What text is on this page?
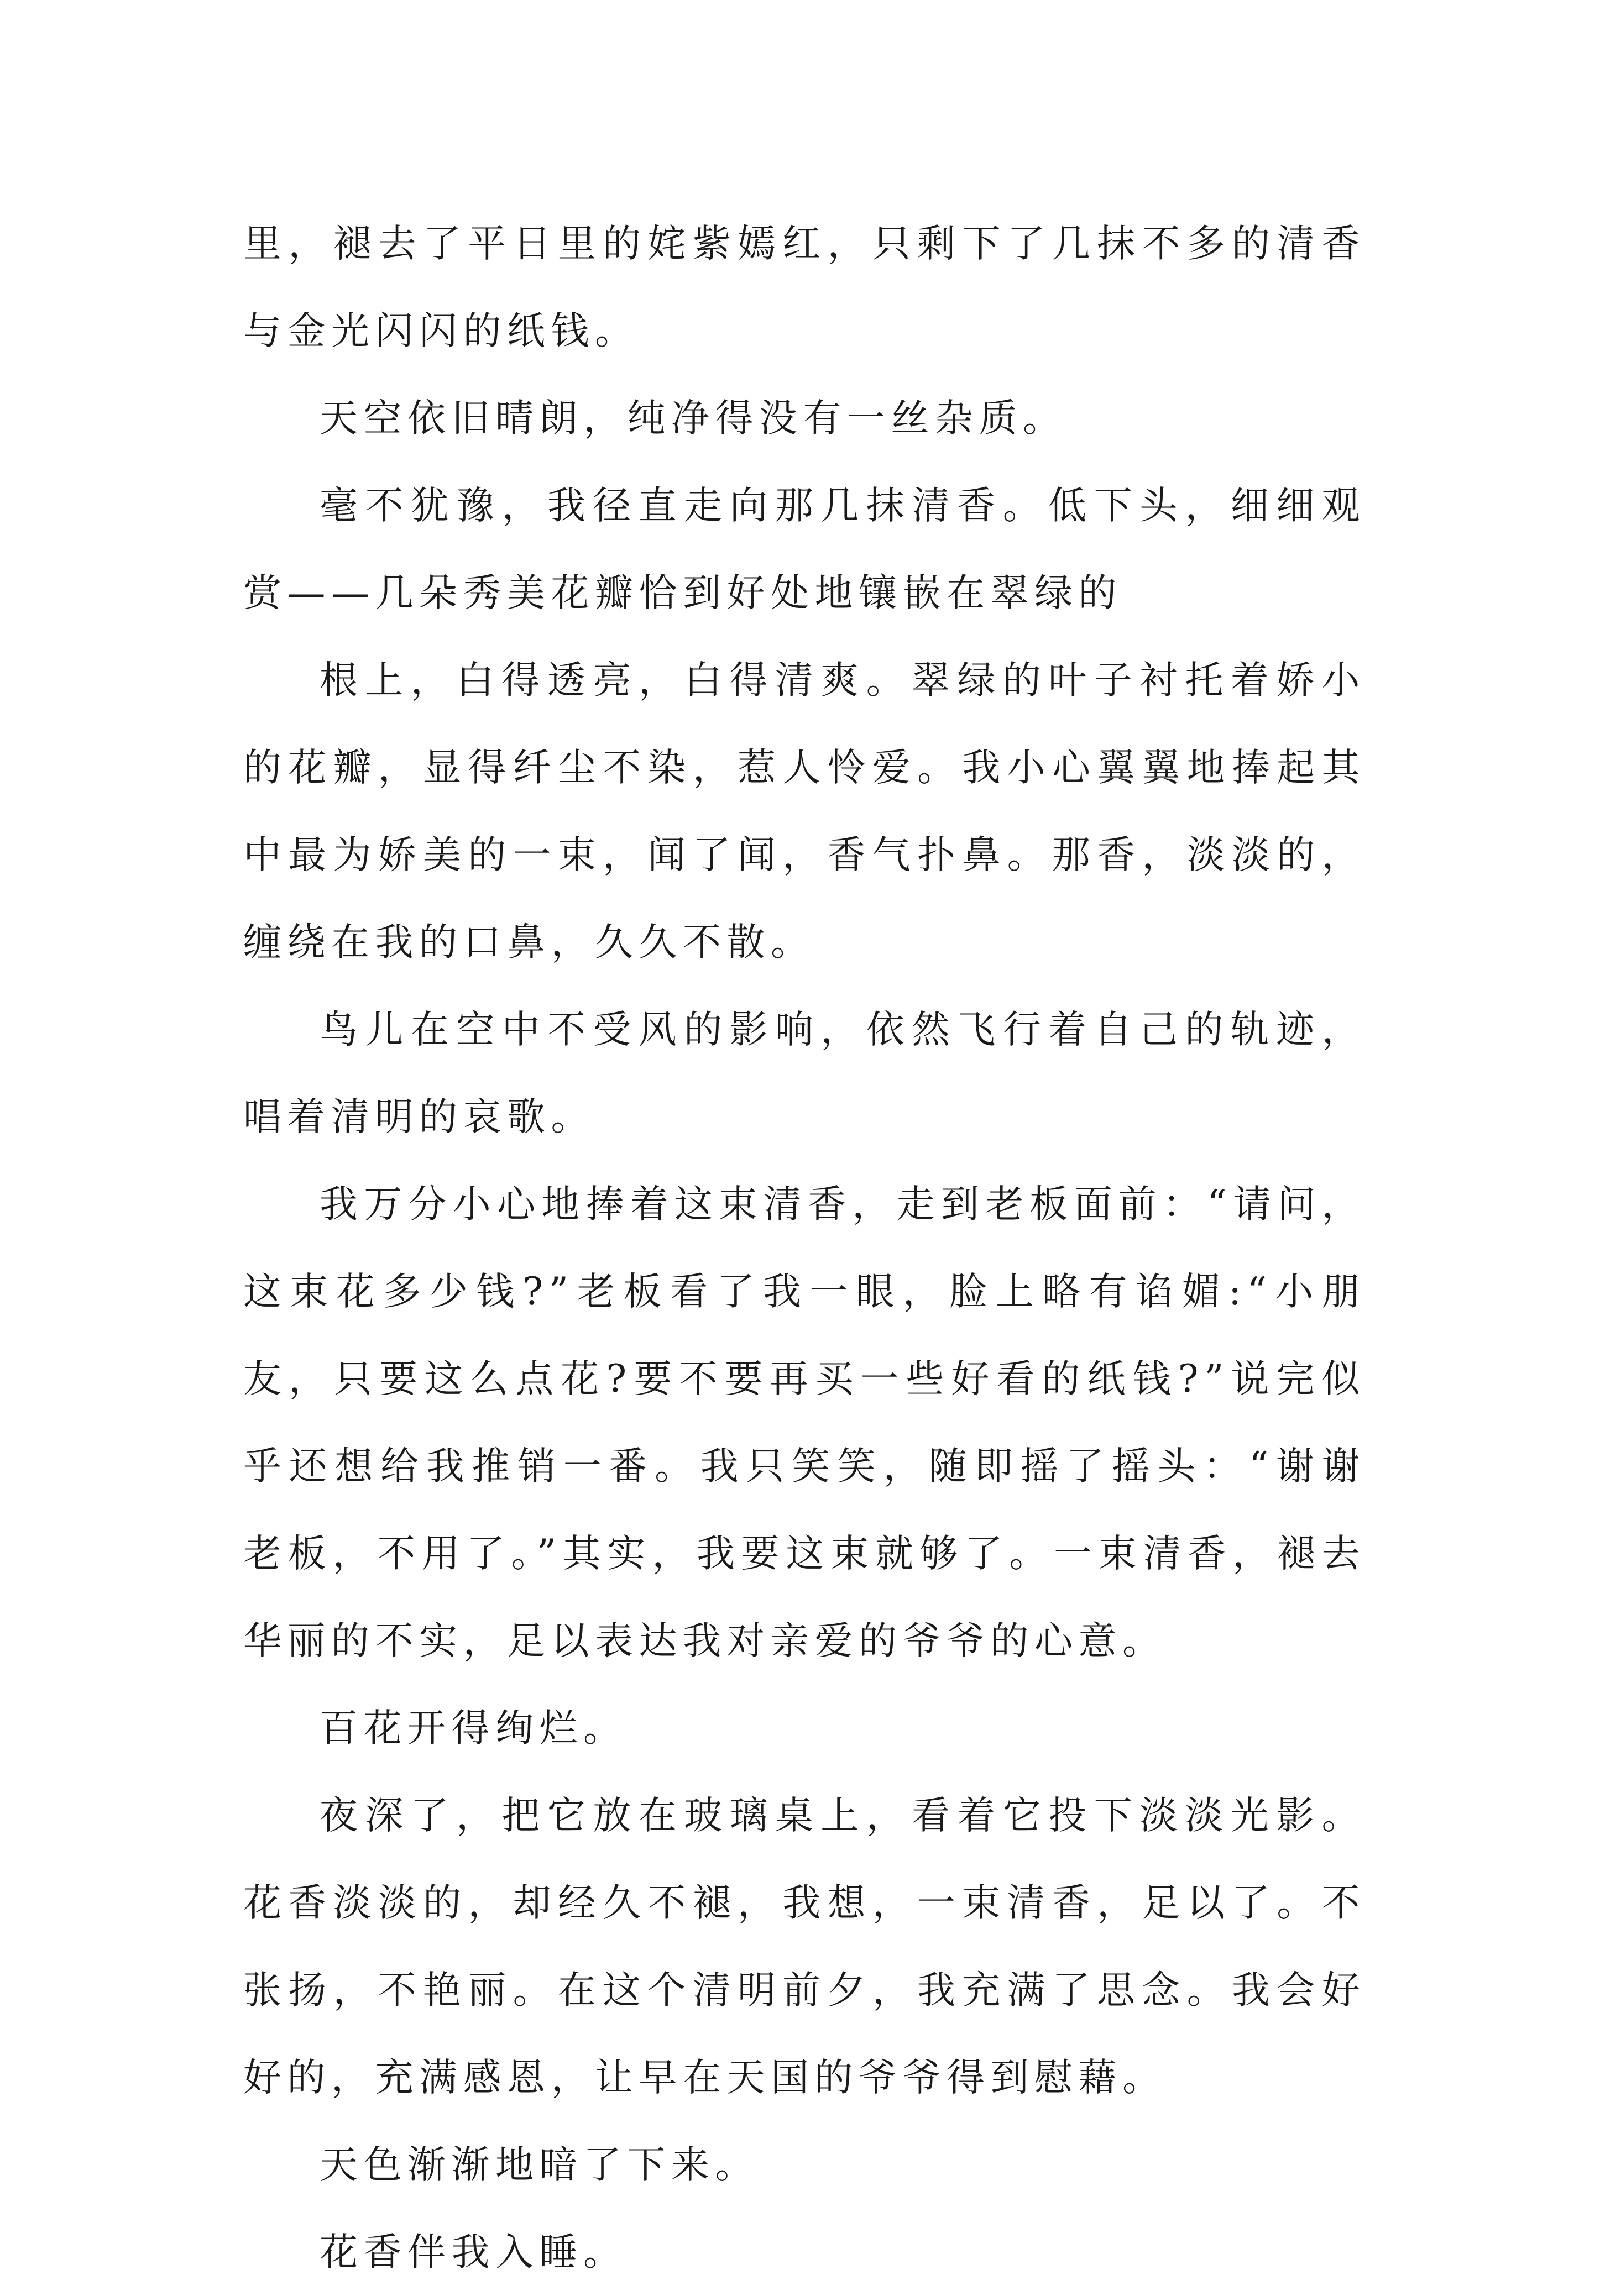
里，褪去了平日里的姹紫嫣红，只剩下了几抹不多的清香与金光闪闪的纸钱。

天空依旧晴朗，纯净得没有一丝杂质。

毫不犹豫，我径直走向那几抹清香。低下头，细细观赏——几朵秀美花瓣恰到好处地镶嵌在翠绿的

根上，白得透亮，白得清爽。翠绿的叶子衬托着娇小的花瓣，显得纤尘不染，惹人怜爱。我小心翼翼地捧起其中最为娇美的一束，闻了闻，香气扑鼻。那香，淡淡的，缠绕在我的口鼻，久久不散。

鸟儿在空中不受风的影响，依然飞行着自己的轨迹，唱着清明的哀歌。

我万分小心地捧着这束清香，走到老板面前：“请问，这束花多少钱?”老板看了我一眼，脸上略有谄媚:“小朋友，只要这么点花?要不要再买一些好看的纸钱?”说完似乎还想给我推销一番。我只笑笑，随即摇了摇头：“谢谢老板，不用了。”其实，我要这束就够了。一束清香，褪去华丽的不实，足以表达我对亲爱的爷爷的心意。

百花开得绚烂。

夜深了，把它放在玻璃桌上，看着它投下淡淡光影。花香淡淡的，却经久不褪，我想，一束清香，足以了。不张扬，不艳丽。在这个清明前夕，我充满了思念。我会好好的，充满感恩，让早在天国的爷爷得到慰藉。

天色渐渐地暗了下来。

花香伴我入睡。
